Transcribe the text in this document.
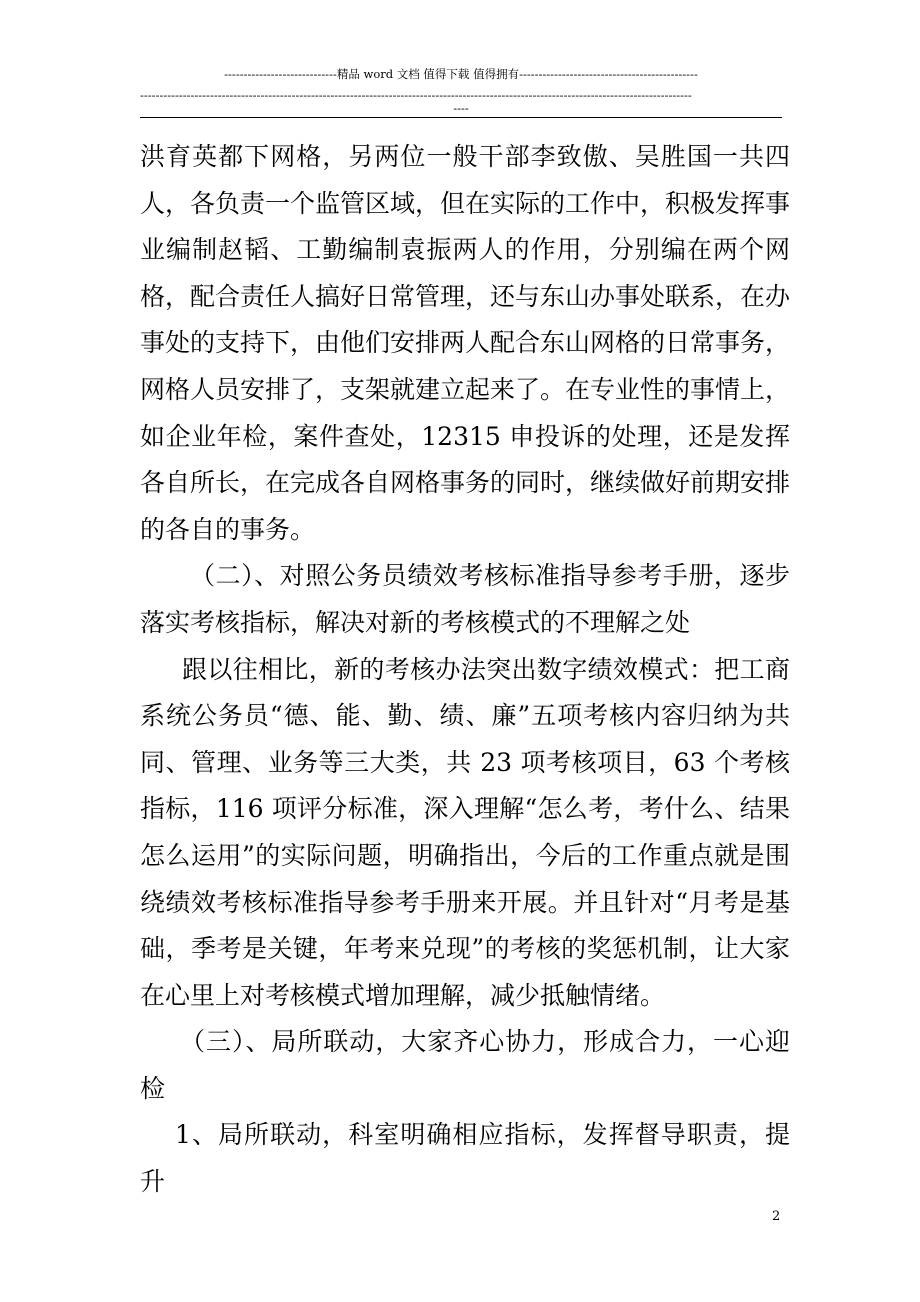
-----------------------------精品 word 文档 值得下载 值得拥有----------------------------------------------
----------------------------------------------------------------------------------------------------------------------------------------------
----

洪育英都下网格，另两位一般干部李致傲、吴胜国一共四人，各负责一个监管区域，但在实际的工作中，积极发挥事业编制赵韬、工勤编制袁振两人的作用，分别编在两个网格，配合责任人搞好日常管理，还与东山办事处联系，在办事处的支持下，由他们安排两人配合东山网格的日常事务，网格人员安排了，支架就建立起来了。在专业性的事情上，如企业年检，案件查处，12315 申投诉的处理，还是发挥各自所长，在完成各自网格事务的同时，继续做好前期安排的各自的事务。

（二）、对照公务员绩效考核标准指导参考手册，逐步落实考核指标，解决对新的考核模式的不理解之处

跟以往相比，新的考核办法突出数字绩效模式：把工商系统公务员“德、能、勤、绩、廉”五项考核内容归纳为共同、管理、业务等三大类，共 23 项考核项目，63 个考核指标，116 项评分标准，深入理解“怎么考，考什么、结果怎么运用”的实际问题，明确指出，今后的工作重点就是围绕绩效考核标准指导参考手册来开展。并且针对“月考是基础，季考是关键，年考来兑现”的考核的奖惩机制，让大家在心里上对考核模式增加理解，减少抵触情绪。

（三）、局所联动，大家齐心协力，形成合力，一心迎检

1、局所联动，科室明确相应指标，发挥督导职责，提升

2
